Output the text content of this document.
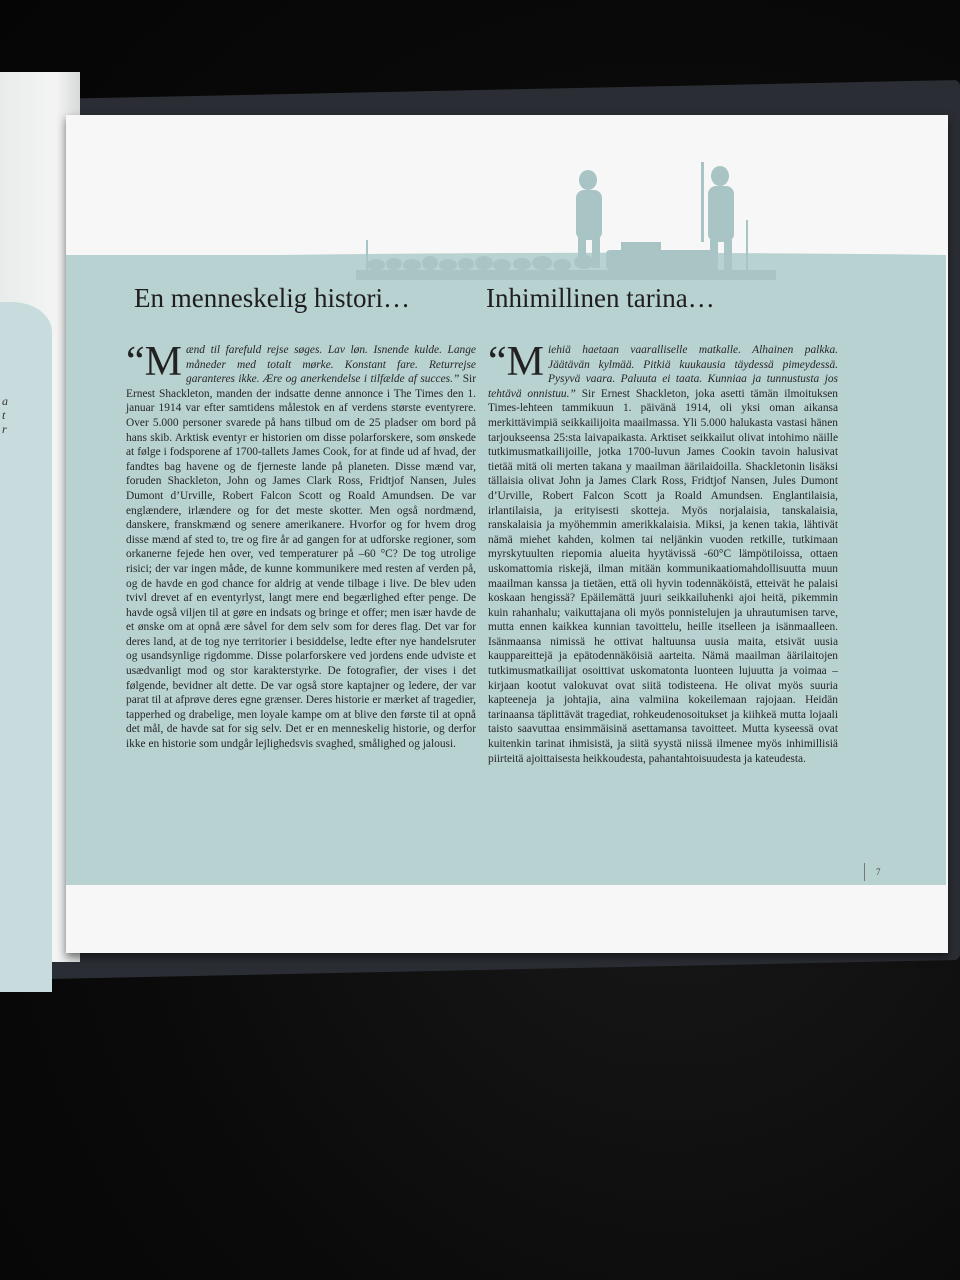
a
t
r
En menneskelig histori…	Inhimillinen tarina…
“M ænd til farefuld rejse søges. Lav løn. Isnende kulde. Lange måneder med totalt mørke. Konstant fare. Returrejse garanteres ikke. Ære og anerkendelse i tilfælde af succes.” Sir Ernest Shackleton, manden der indsatte denne annonce i The Times den 1. januar 1914 var efter samtidens målestok en af verdens største eventyrere. Over 5.000 personer svarede på hans tilbud om de 25 pladser om bord på hans skib. Arktisk eventyr er historien om disse polarforskere, som ønskede at følge i fodsporene af 1700-tallets James Cook, for at finde ud af hvad, der fandtes bag havene og de fjerneste lande på planeten. Disse mænd var, foruden Shackleton, John og James Clark Ross, Fridtjof Nansen, Jules Dumont d’Urville, Robert Falcon Scott og Roald Amundsen. De var englændere, irlændere og for det meste skotter. Men også nordmænd, danskere, franskmænd og senere amerikanere. Hvorfor og for hvem drog disse mænd af sted to, tre og fire år ad gangen for at udforske regioner, som orkanerne fejede hen over, ved temperaturer på –60 °C? De tog utrolige risici; der var ingen måde, de kunne kommunikere med resten af verden på, og de havde en god chance for aldrig at vende tilbage i live. De blev uden tvivl drevet af en eventyrlyst, langt mere end begærlighed efter penge. De havde også viljen til at gøre en indsats og bringe et offer; men især havde de et ønske om at opnå ære såvel for dem selv som for deres flag. Det var for deres land, at de tog nye territorier i besiddelse, ledte efter nye handelsruter og usandsynlige rigdomme. Disse polarforskere ved jordens ende udviste et usædvanligt mod og stor karakterstyrke. De fotografier, der vises i det følgende, bevidner alt dette. De var også store kaptajner og ledere, der var parat til at afprøve deres egne grænser. Deres historie er mærket af tragedier, tapperhed og drabelige, men loyale kampe om at blive den første til at opnå det mål, de havde sat for sig selv. Det er en menneskelig historie, og derfor ikke en historie som undgår lejlighedsvis svaghed, smålighed og jalousi.
“M iehiä haetaan vaaralliselle matkalle. Alhainen palkka. Jäätävän kylmää. Pitkiä kuukausia täydessä pimeydessä. Pysyvä vaara. Paluuta ei taata. Kunniaa ja tunnustusta jos tehtävä onnistuu.” Sir Ernest Shackleton, joka asetti tämän ilmoituksen Times-lehteen tammikuun 1. päivänä 1914, oli yksi oman aikansa merkittävimpiä seikkailijoita maailmassa. Yli 5.000 halukasta vastasi hänen tarjoukseensa 25:sta laivapaikasta. Arktiset seikkailut olivat intohimo näille tutkimusmatkailijoille, jotka 1700-luvun James Cookin tavoin halusivat tietää mitä oli merten takana y maailman äärilaidoilla. Shackletonin lisäksi tällaisia olivat John ja James Clark Ross, Fridtjof Nansen, Jules Dumont d’Urville, Robert Falcon Scott ja Roald Amundsen. Englantilaisia, irlantilaisia, ja erityisesti skotteja. Myös norjalaisia, tanskalaisia, ranskalaisia ja myöhemmin amerikkalaisia. Miksi, ja kenen takia, lähtivät nämä miehet kahden, kolmen tai neljänkin vuoden retkille, tutkimaan myrskytuulten riepomia alueita hyytävissä -60°C lämpötiloissa, ottaen uskomattomia riskejä, ilman mitään kommunikaatiomahdollisuutta muun maailman kanssa ja tietäen, että oli hyvin todennäköistä, etteivät he palaisi koskaan hengissä? Epäilemättä juuri seikkailuhenki ajoi heitä, pikemmin kuin rahanhalu; vaikuttajana oli myös ponnistelujen ja uhrautumisen tarve, mutta ennen kaikkea kunnian tavoittelu, heille itselleen ja isänmaalleen. Isänmaansa nimissä he ottivat haltuunsa uusia maita, etsivät uusia kauppareittejä ja epätodennäköisiä aarteita. Nämä maailman äärilaitojen tutkimusmatkailijat osoittivat uskomatonta luonteen lujuutta ja voimaa – kirjaan kootut valokuvat ovat siitä todisteena. He olivat myös suuria kapteeneja ja johtajia, aina valmiina kokeilemaan rajojaan. Heidän tarinaansa täplittävät tragediat, rohkeudenosoitukset ja kiihkeä mutta lojaali taisto saavuttaa ensimmäisinä asettamansa tavoitteet. Mutta kyseessä ovat kuitenkin tarinat ihmisistä, ja siitä syystä niissä ilmenee myös inhimillisiä piirteitä ajoittaisesta heikkoudesta, pahantahtoisuudesta ja kateudesta.
7
